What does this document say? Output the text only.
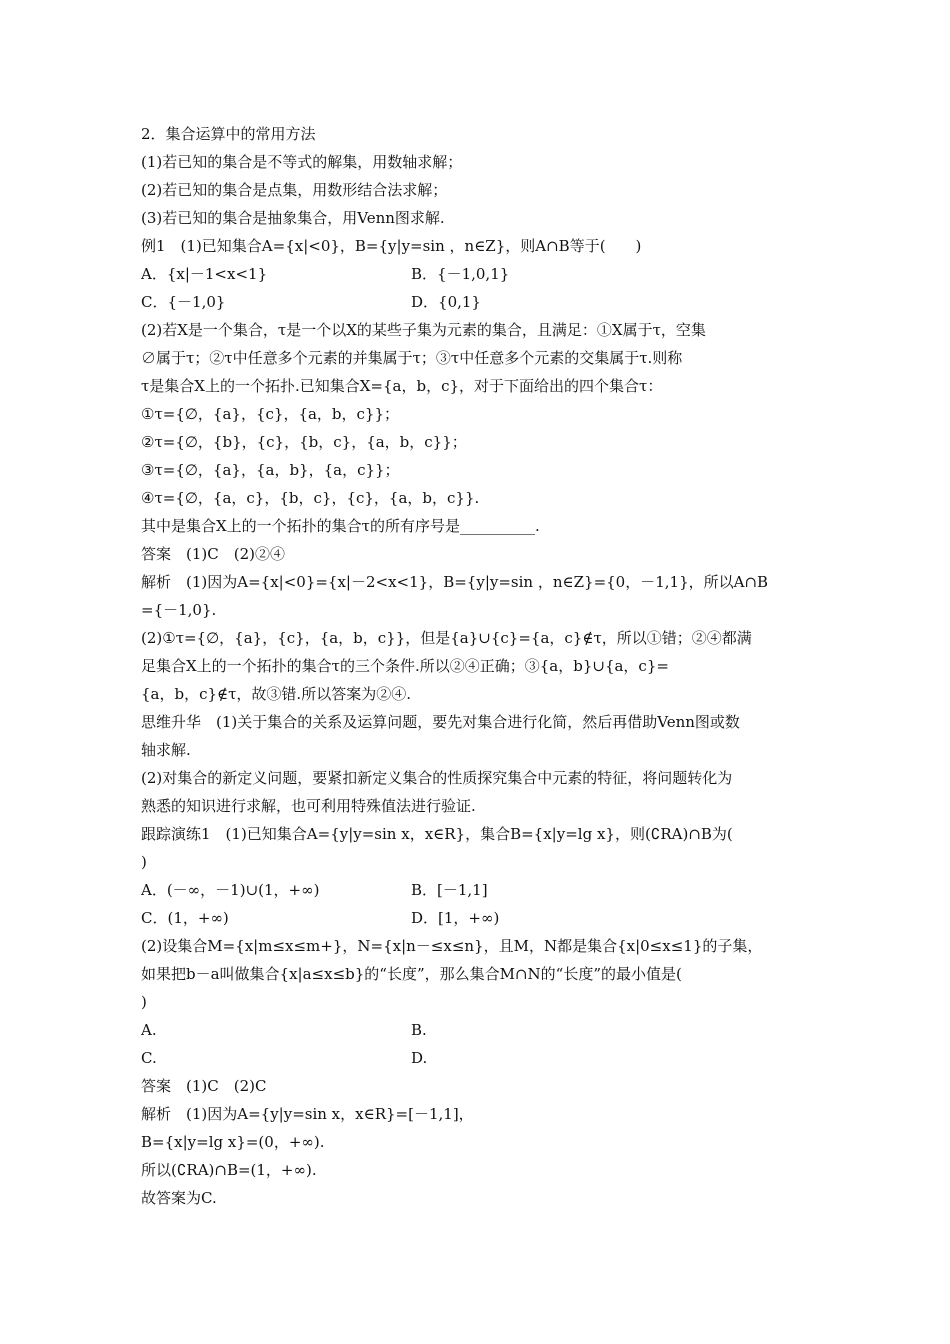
2．集合运算中的常用方法
(1)若已知的集合是不等式的解集，用数轴求解；
(2)若已知的集合是点集，用数形结合法求解；
(3)若已知的集合是抽象集合，用Venn图求解.
例1　(1)已知集合A={x|<0}，B={y|y=sin ，n∈Z}，则A∩B等于(　　)
A．{x|－1<x<1}	B．{－1,0,1}
C．{－1,0}	D．{0,1}
(2)若X是一个集合，τ是一个以X的某些子集为元素的集合，且满足：①X属于τ，空集
∅属于τ；②τ中任意多个元素的并集属于τ；③τ中任意多个元素的交集属于τ.则称
τ是集合X上的一个拓扑.已知集合X={a，b，c}，对于下面给出的四个集合τ：
①τ={∅，{a}，{c}，{a，b，c}}；
②τ={∅，{b}，{c}，{b，c}，{a，b，c}}；
③τ={∅，{a}，{a，b}，{a，c}}；
④τ={∅，{a，c}，{b，c}，{c}，{a，b，c}}.
其中是集合X上的一个拓扑的集合τ的所有序号是__________.
答案　(1)C　(2)②④
解析　(1)因为A={x|<0}={x|－2<x<1}，B={y|y=sin ，n∈Z}={0，－1,1}，所以A∩B
={－1,0}.
(2)①τ={∅，{a}，{c}，{a，b，c}}，但是{a}∪{c}={a，c}∉τ，所以①错；②④都满
足集合X上的一个拓扑的集合τ的三个条件.所以②④正确；③{a，b}∪{a，c}=
{a，b，c}∉τ，故③错.所以答案为②④.
思维升华　(1)关于集合的关系及运算问题，要先对集合进行化简，然后再借助Venn图或数
轴求解.
(2)对集合的新定义问题，要紧扣新定义集合的性质探究集合中元素的特征，将问题转化为
熟悉的知识进行求解，也可利用特殊值法进行验证.
跟踪演练1　(1)已知集合A={y|y=sin x，x∈R}，集合B={x|y=lg x}，则(∁RA)∩B为(
)
A．(－∞，－1)∪(1，+∞)	B．[－1,1]
C．(1，+∞)	D．[1，+∞)
(2)设集合M={x|m≤x≤m+}，N={x|n－≤x≤n}，且M，N都是集合{x|0≤x≤1}的子集，
如果把b－a叫做集合{x|a≤x≤b}的“长度”，那么集合M∩N的“长度”的最小值是(
)
A.	B.
C.	D.
答案　(1)C　(2)C
解析　(1)因为A={y|y=sin x，x∈R}=[－1,1]，
B={x|y=lg x}=(0，+∞).
所以(∁RA)∩B=(1，+∞).
故答案为C.
